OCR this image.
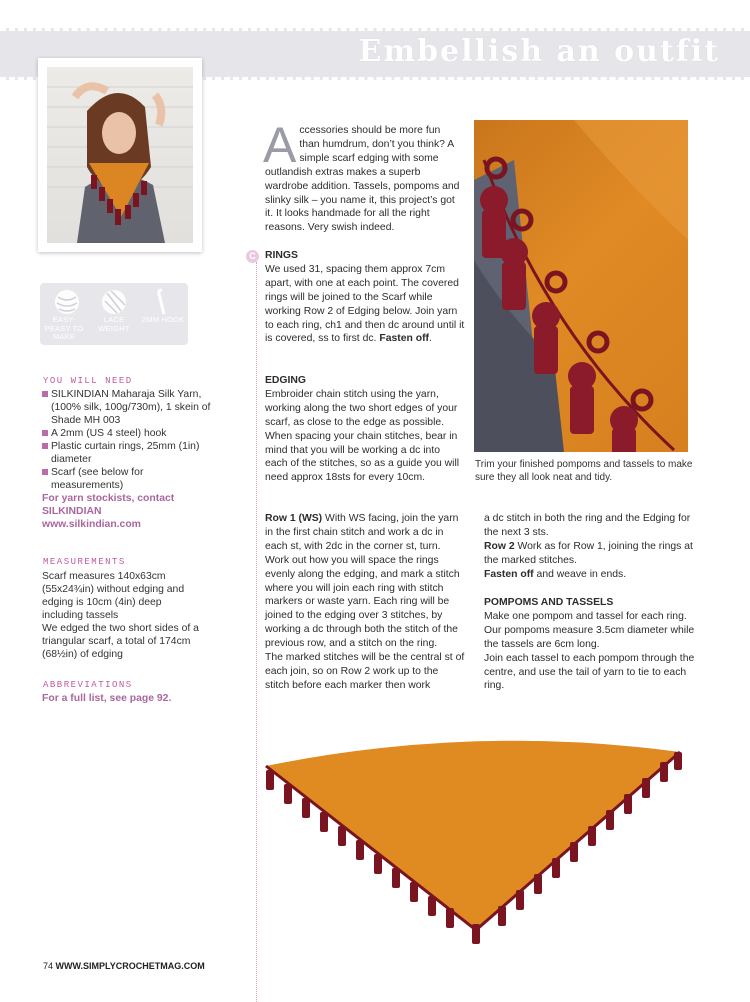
Embellish an outfit
EASY-PEASY TO MAKE
LACE WEIGHT
2MM HOOK
YOU WILL NEED
SILKINDIAN Maharaja Silk Yarn, (100% silk, 100g/730m), 1 skein of Shade MH 003
A 2mm (US 4 steel) hook
Plastic curtain rings, 25mm (1in) diameter
Scarf (see below for measurements)
For yarn stockists, contact
SILKINDIAN
www.silkindian.com
MEASUREMENTS
Scarf measures 140x63cm (55x24¾in) without edging and edging is 10cm (4in) deep including tassels
We edged the two short sides of a triangular scarf, a total of 174cm (68½in) of edging
ABBREVIATIONS
For a full list, see page 92.
A ccessories should be more fun than humdrum, don’t you think? A simple scarf edging with some outlandish extras makes a superb wardrobe addition. Tassels, pompoms and slinky silk – you name it, this project’s got it. It looks handmade for all the right reasons. Very swish indeed.
C RINGS

We used 31, spacing them approx 7cm apart, with one at each point. The covered rings will be joined to the Scarf while working Row 2 of Edging below. Join yarn to each ring, ch1 and then dc around until it is covered, ss to first dc. Fasten off.

EDGING

Embroider chain stitch using the yarn, working along the two short edges of your scarf, as close to the edge as possible. When spacing your chain stitches, bear in mind that you will be working a dc into each of the stitches, so as a guide you will need approx 18sts for every 10cm.

Row 1 (WS) With WS facing, join the yarn in the first chain stitch and work a dc in each st, with 2dc in the corner st, turn.

Work out how you will space the rings evenly along the edging, and mark a stitch where you will join each ring with stitch markers or waste yarn. Each ring will be joined to the edging over 3 stitches, by working a dc through both the stitch of the previous row, and a stitch on the ring.

The marked stitches will be the central st of each join, so on Row 2 work up to the stitch before each marker then work

a dc stitch in both the ring and the Edging for the next 3 sts.

Row 2 Work as for Row 1, joining the rings at the marked stitches.

Fasten off and weave in ends.

POMPOMS AND TASSELS

Make one pompom and tassel for each ring.

Our pompoms measure 3.5cm diameter while the tassels are 6cm long.

Join each tassel to each pompom through the centre, and use the tail of yarn to tie to each ring.

Trim your finished pompoms and tassels to make sure they all look neat and tidy.
74 WWW.SIMPLYCROCHETMAG.COM
